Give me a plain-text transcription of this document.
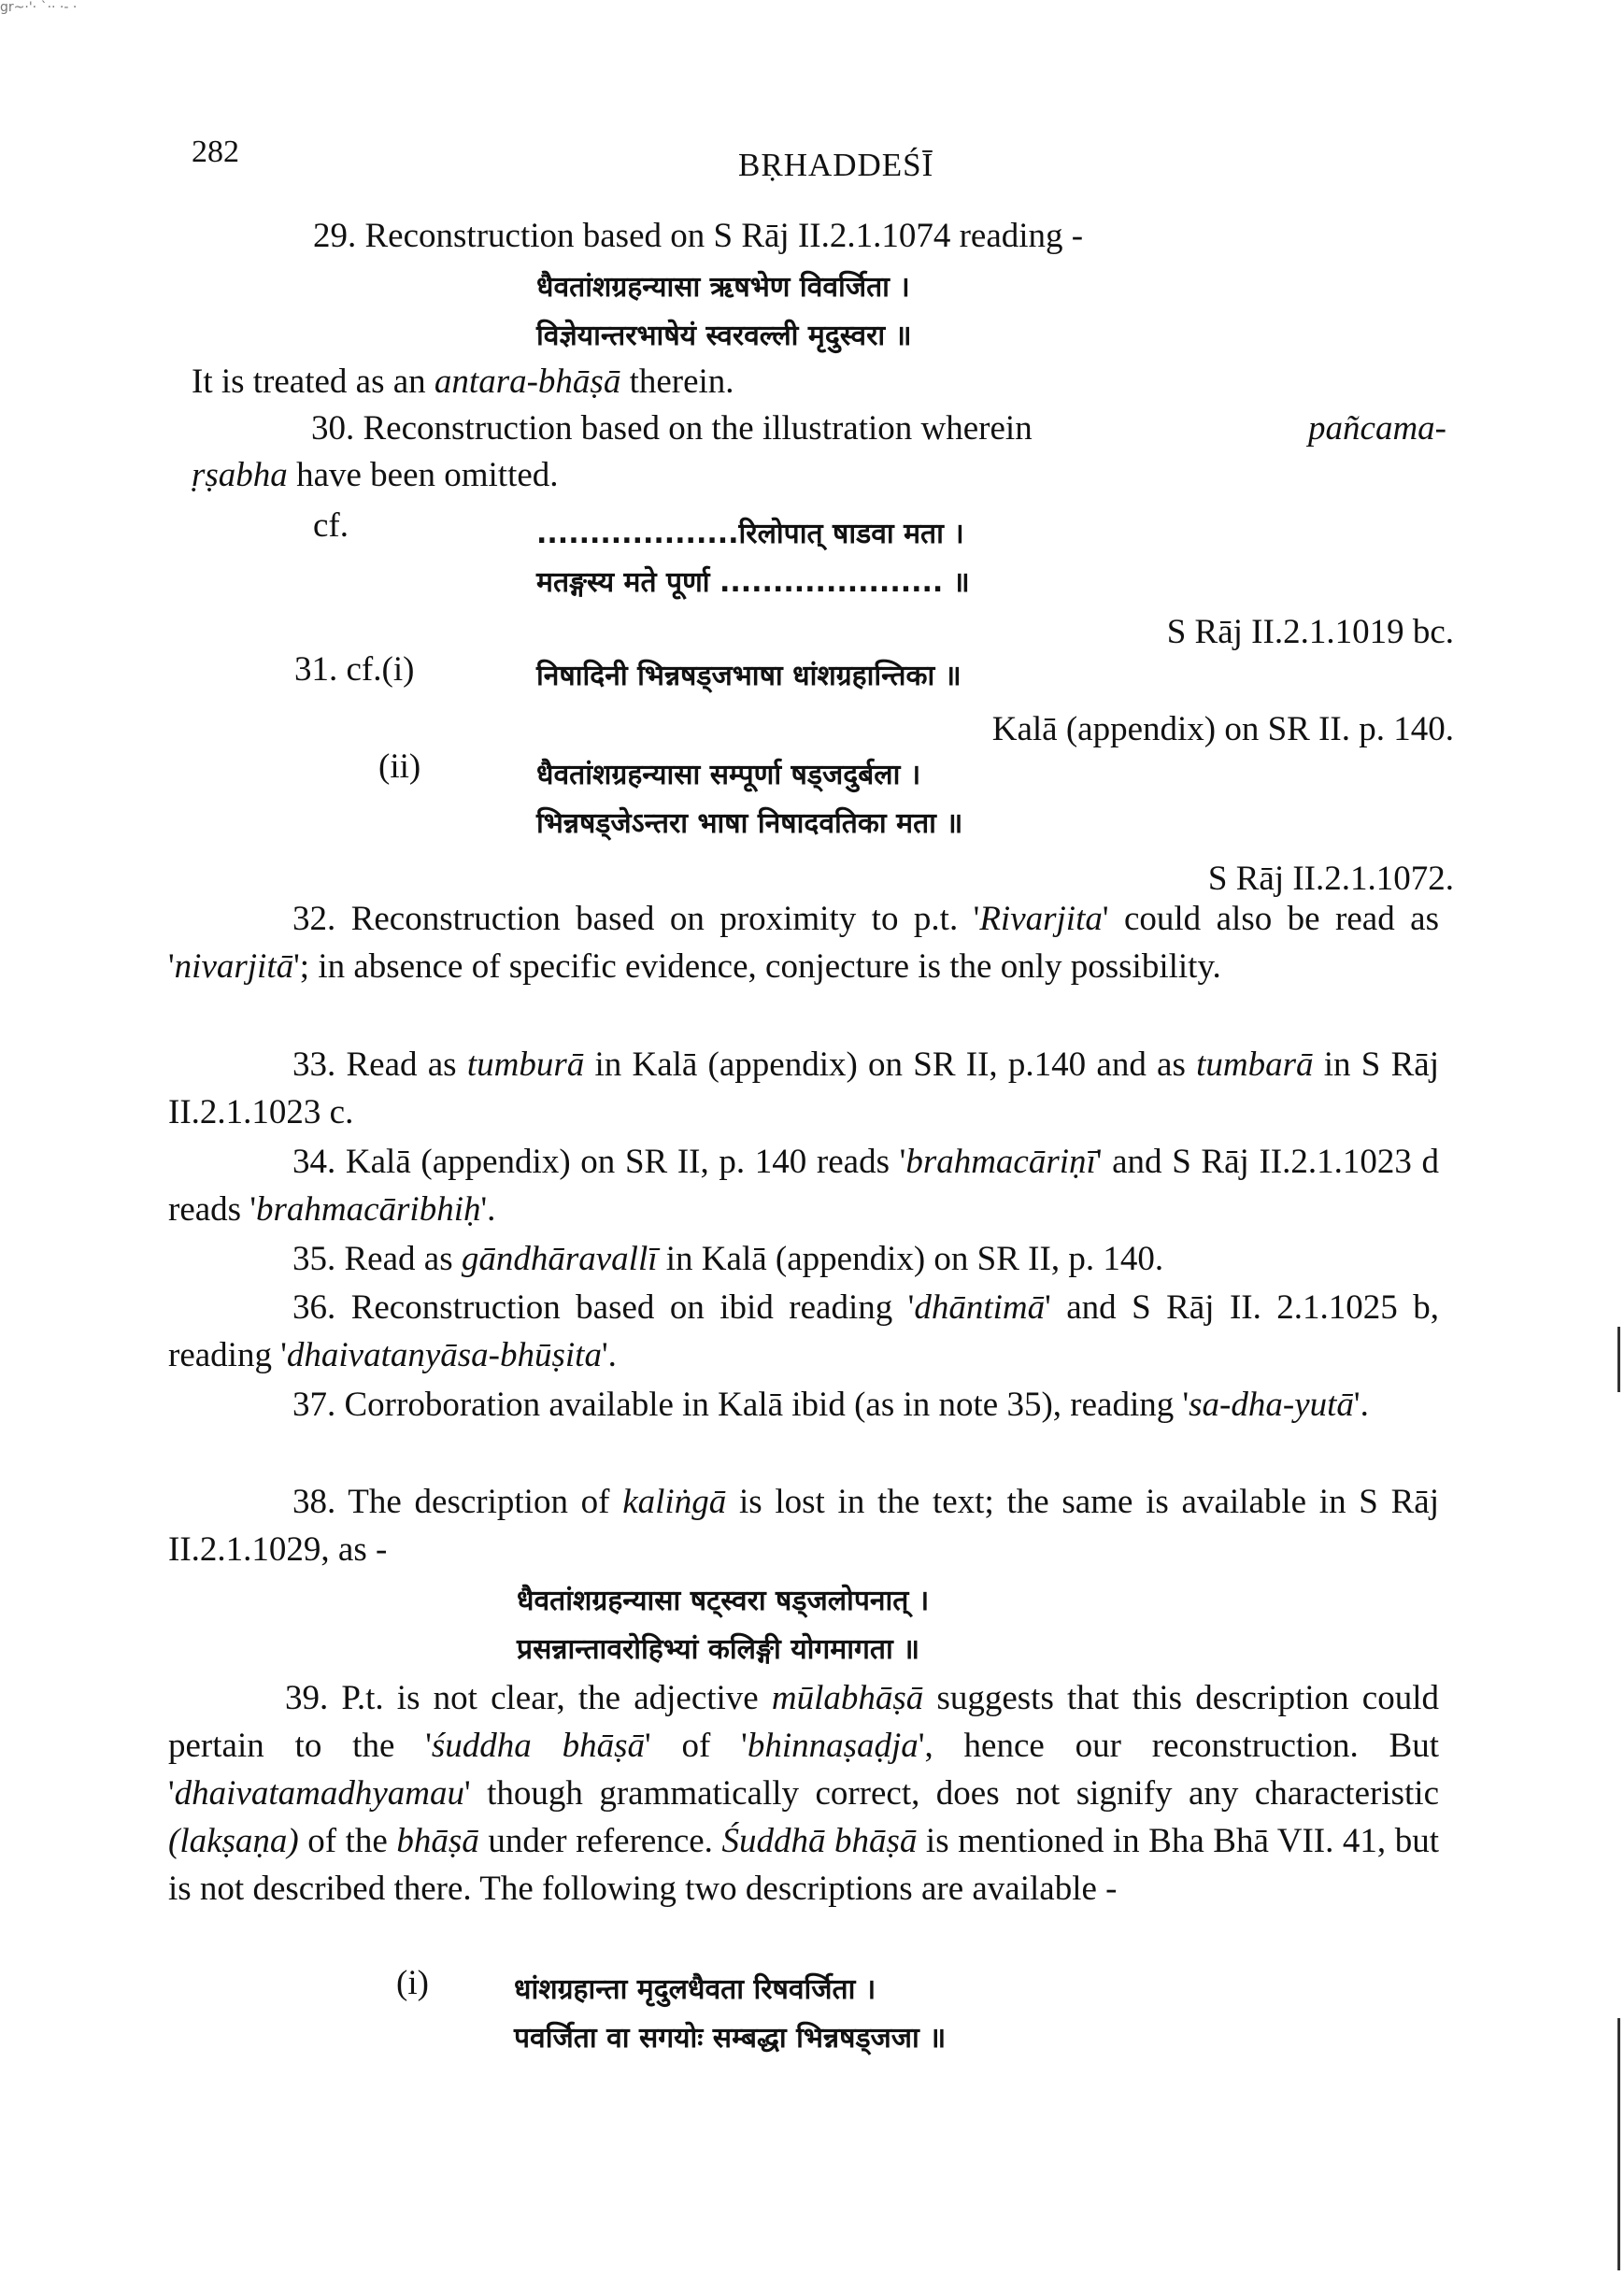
gr~·'· `·· ·- ·
282	BṚHADDEŚĪ
29. Reconstruction based on S Rāj II.2.1.1074 reading -
धैवतांशग्रहन्यासा ऋषभेण विवर्जिता ।
विज्ञेयान्तरभाषेयं स्वरवल्ली मृदुस्वरा ॥
It is treated as an antara-bhāṣā therein.
30. Reconstruction based on the illustration wherein	pañcama-
ṛṣabha have been omitted.
cf.	...................रिलोपात् षाडवा मता ।
मतङ्गस्य मते पूर्णा ..................... ॥
S Rāj II.2.1.1019 bc.
31. cf.(i)	निषादिनी भिन्नषड्जभाषा धांशग्रहान्तिका ॥
Kalā (appendix) on SR II. p. 140.
(ii)	धैवतांशग्रहन्यासा सम्पूर्णा षड्जदुर्बला ।
भिन्नषड्जेऽन्तरा भाषा निषादवतिका मता ॥
S Rāj II.2.1.1072.
32. Reconstruction based on proximity to p.t. 'Rivarjita' could also be read as 'nivarjitā'; in absence of specific evidence, conjecture is the only possibility.
33. Read as tumburā in Kalā (appendix) on SR II, p.140 and as tumbarā in S Rāj II.2.1.1023 c.
34. Kalā (appendix) on SR II, p. 140 reads 'brahmacāriṇī' and S Rāj II.2.1.1023 d reads 'brahmacāribhiḥ'.
35. Read as gāndhāravallī in Kalā (appendix) on SR II, p. 140.
36. Reconstruction based on ibid reading 'dhāntimā' and S Rāj II. 2.1.1025 b, reading 'dhaivatanyāsa-bhūṣita'.
37. Corroboration available in Kalā ibid (as in note 35), reading 'sa-dha-yutā'.
38. The description of kaliṅgā is lost in the text; the same is available in S Rāj II.2.1.1029, as -
धैवतांशग्रहन्यासा षट्स्वरा षड्जलोपनात् ।
प्रसन्नान्तावरोहिभ्यां कलिङ्गी योगमागता ॥
39. P.t. is not clear, the adjective mūlabhāṣā suggests that this description could pertain to the 'śuddha bhāṣā' of 'bhinnaṣaḍja', hence our reconstruction. But 'dhaivatamadhyamau' though grammatically correct, does not signify any characteristic (lakṣaṇa) of the bhāṣā under reference. Śuddhā bhāṣā is mentioned in Bha Bhā VII. 41, but is not described there. The following two descriptions are available -
(i)	धांशग्रहान्ता मृदुलधैवता रिषवर्जिता ।
पवर्जिता वा सगयोः सम्बद्धा भिन्नषड्जजा ॥
